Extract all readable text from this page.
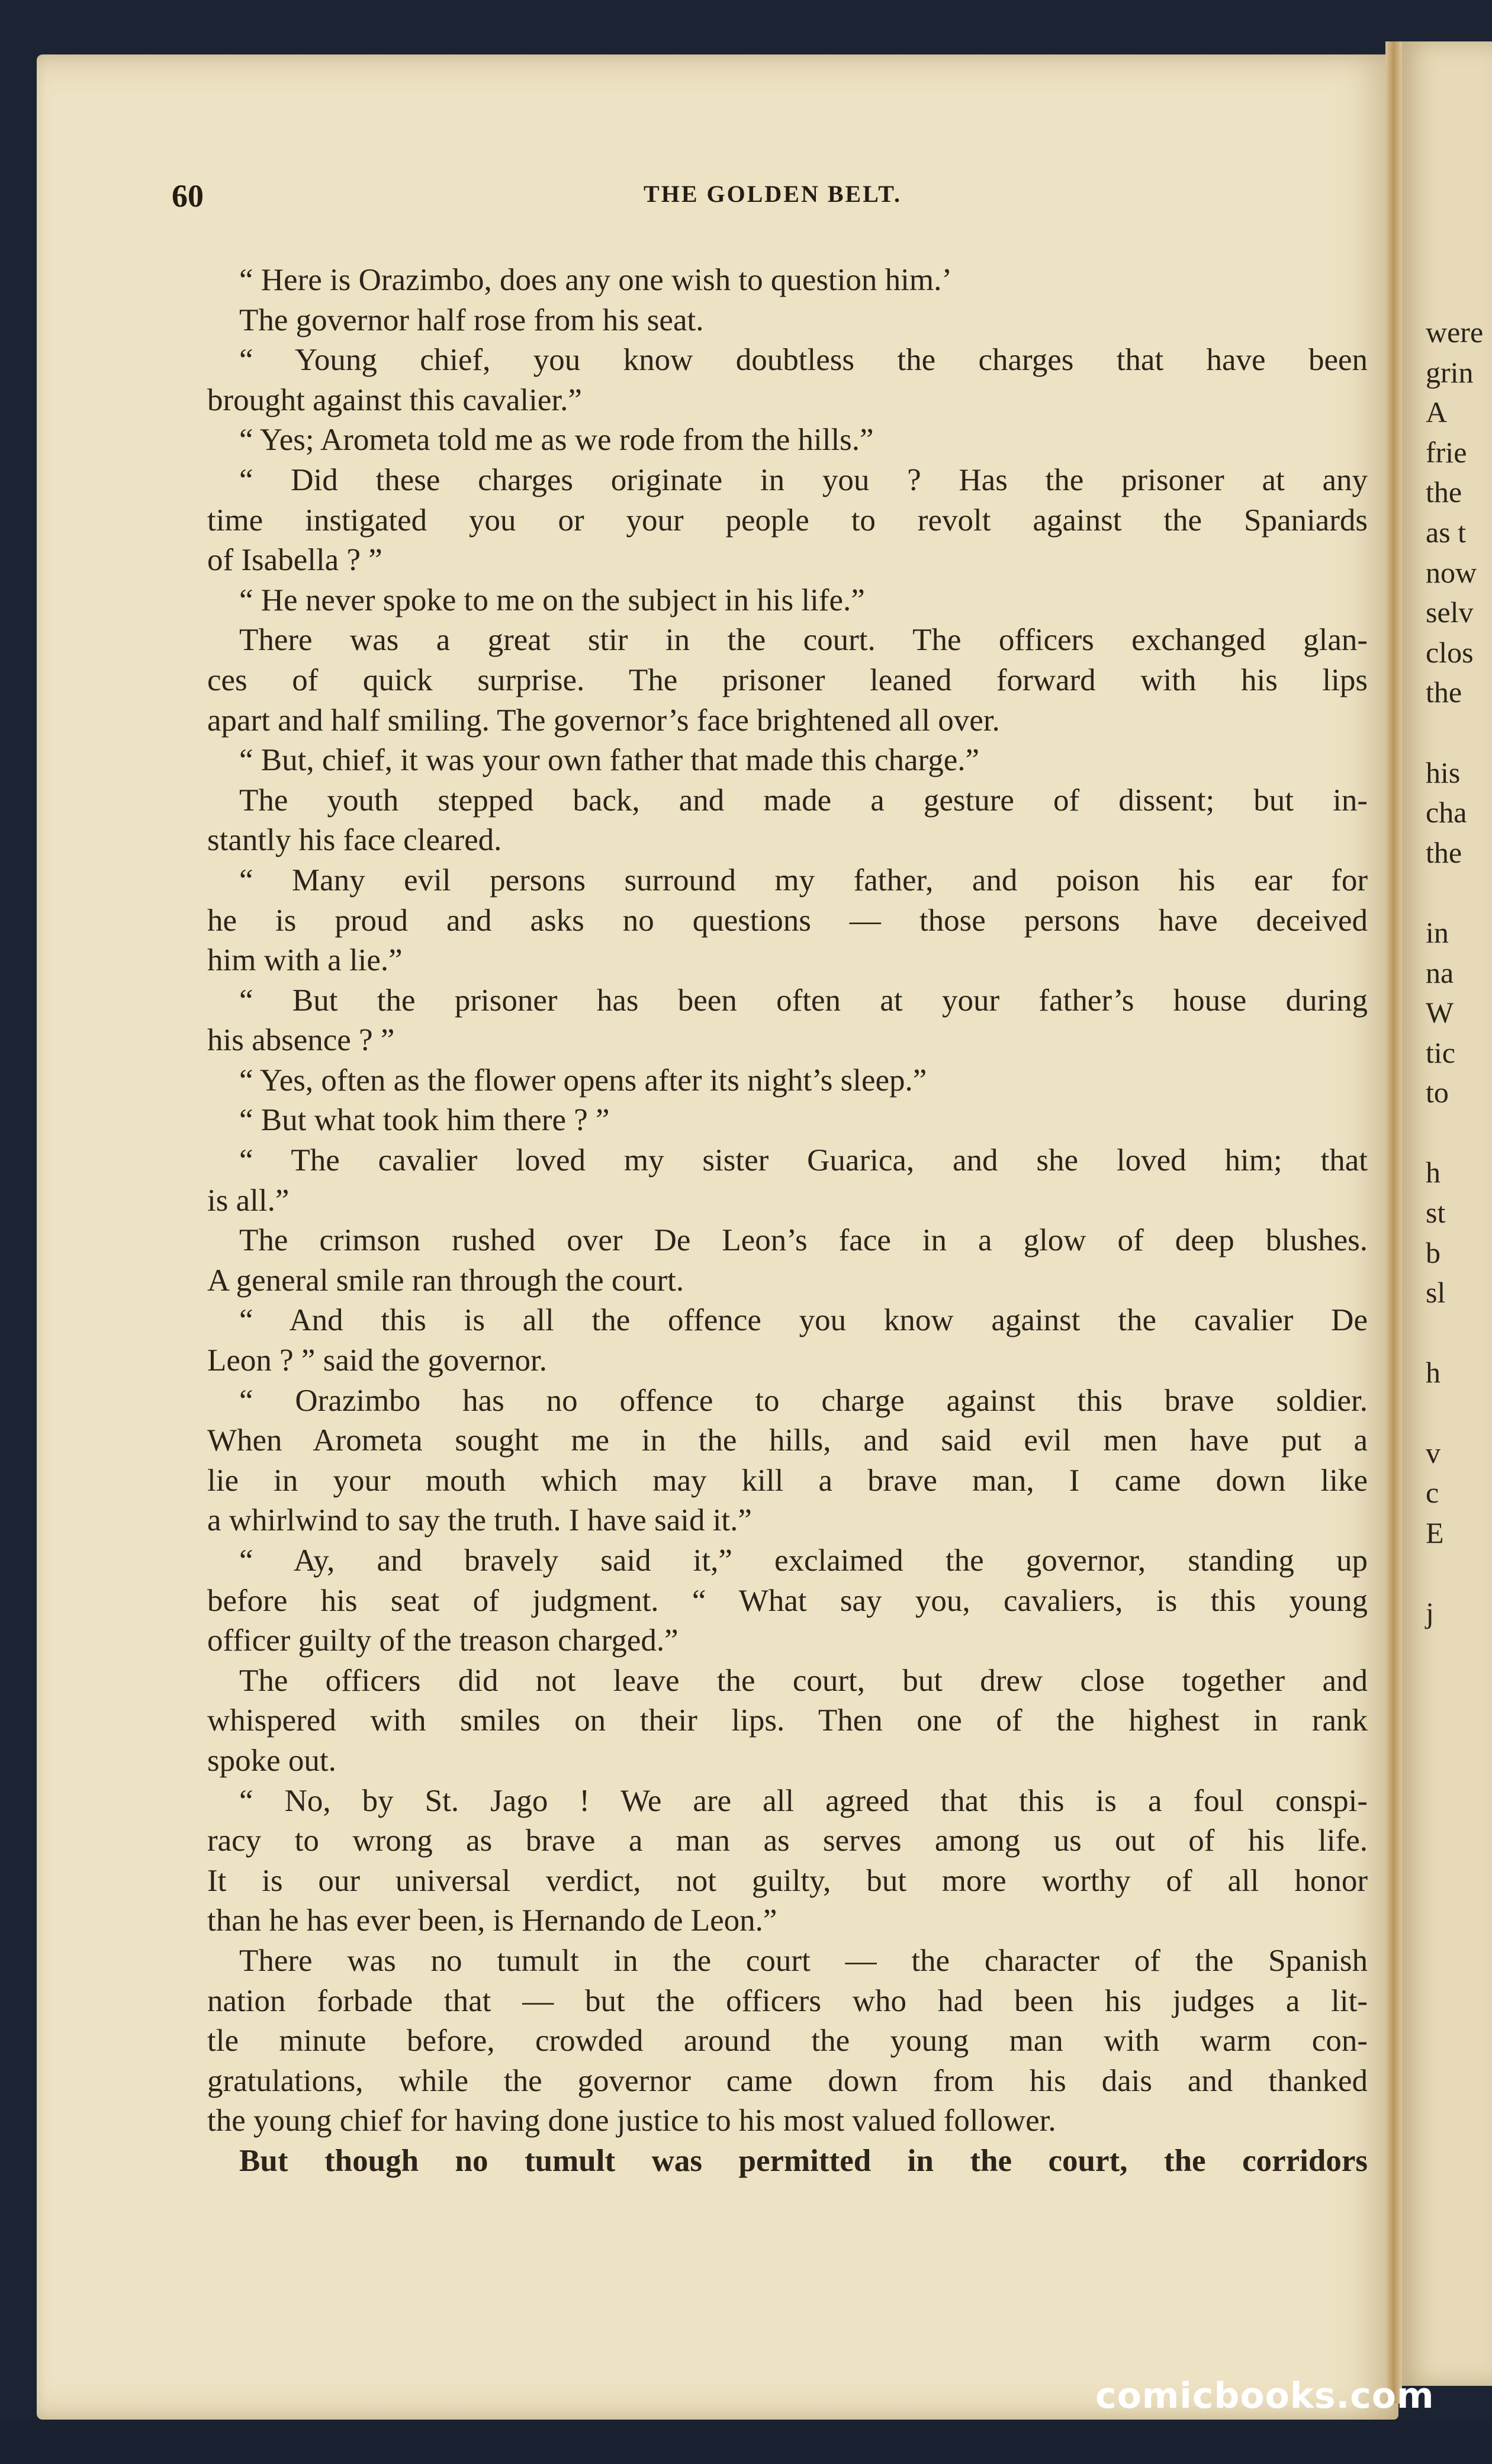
were
grin
A
frie
the
as t
now
selv
clos
the
his
cha
the
in
na
W
tic
to
h
st
b
sl
h
v
c
E
j
60	THE GOLDEN BELT.
“ Here is Orazimbo, does any one wish to question him.’
The governor half rose from his seat.
“ Young chief, you know doubtless the charges that have been
brought against this cavalier.”
“ Yes; Arometa told me as we rode from the hills.”
“ Did these charges originate in you ? Has the prisoner at any
time instigated you or your people to revolt against the Spaniards
of Isabella ? ”
“ He never spoke to me on the subject in his life.”
There was a great stir in the court. The officers exchanged glan-
ces of quick surprise. The prisoner leaned forward with his lips
apart and half smiling. The governor’s face brightened all over.
“ But, chief, it was your own father that made this charge.”
The youth stepped back, and made a gesture of dissent; but in-
stantly his face cleared.
“ Many evil persons surround my father, and poison his ear for
he is proud and asks no questions — those persons have deceived
him with a lie.”
“ But the prisoner has been often at your father’s house during
his absence ? ”
“ Yes, often as the flower opens after its night’s sleep.”
“ But what took him there ? ”
“ The cavalier loved my sister Guarica, and she loved him; that
is all.”
The crimson rushed over De Leon’s face in a glow of deep blushes.
A general smile ran through the court.
“ And this is all the offence you know against the cavalier De
Leon ? ” said the governor.
“ Orazimbo has no offence to charge against this brave soldier.
When Arometa sought me in the hills, and said evil men have put a
lie in your mouth which may kill a brave man, I came down like
a whirlwind to say the truth. I have said it.”
“ Ay, and bravely said it,” exclaimed the governor, standing up
before his seat of judgment. “ What say you, cavaliers, is this young
officer guilty of the treason charged.”
The officers did not leave the court, but drew close together and
whispered with smiles on their lips. Then one of the highest in rank
spoke out.
“ No, by St. Jago ! We are all agreed that this is a foul conspi-
racy to wrong as brave a man as serves among us out of his life.
It is our universal verdict, not guilty, but more worthy of all honor
than he has ever been, is Hernando de Leon.”
There was no tumult in the court — the character of the Spanish
nation forbade that — but the officers who had been his judges a lit-
tle minute before, crowded around the young man with warm con-
gratulations, while the governor came down from his dais and thanked
the young chief for having done justice to his most valued follower.
But though no tumult was permitted in the court, the corridors
comicbooks.com
